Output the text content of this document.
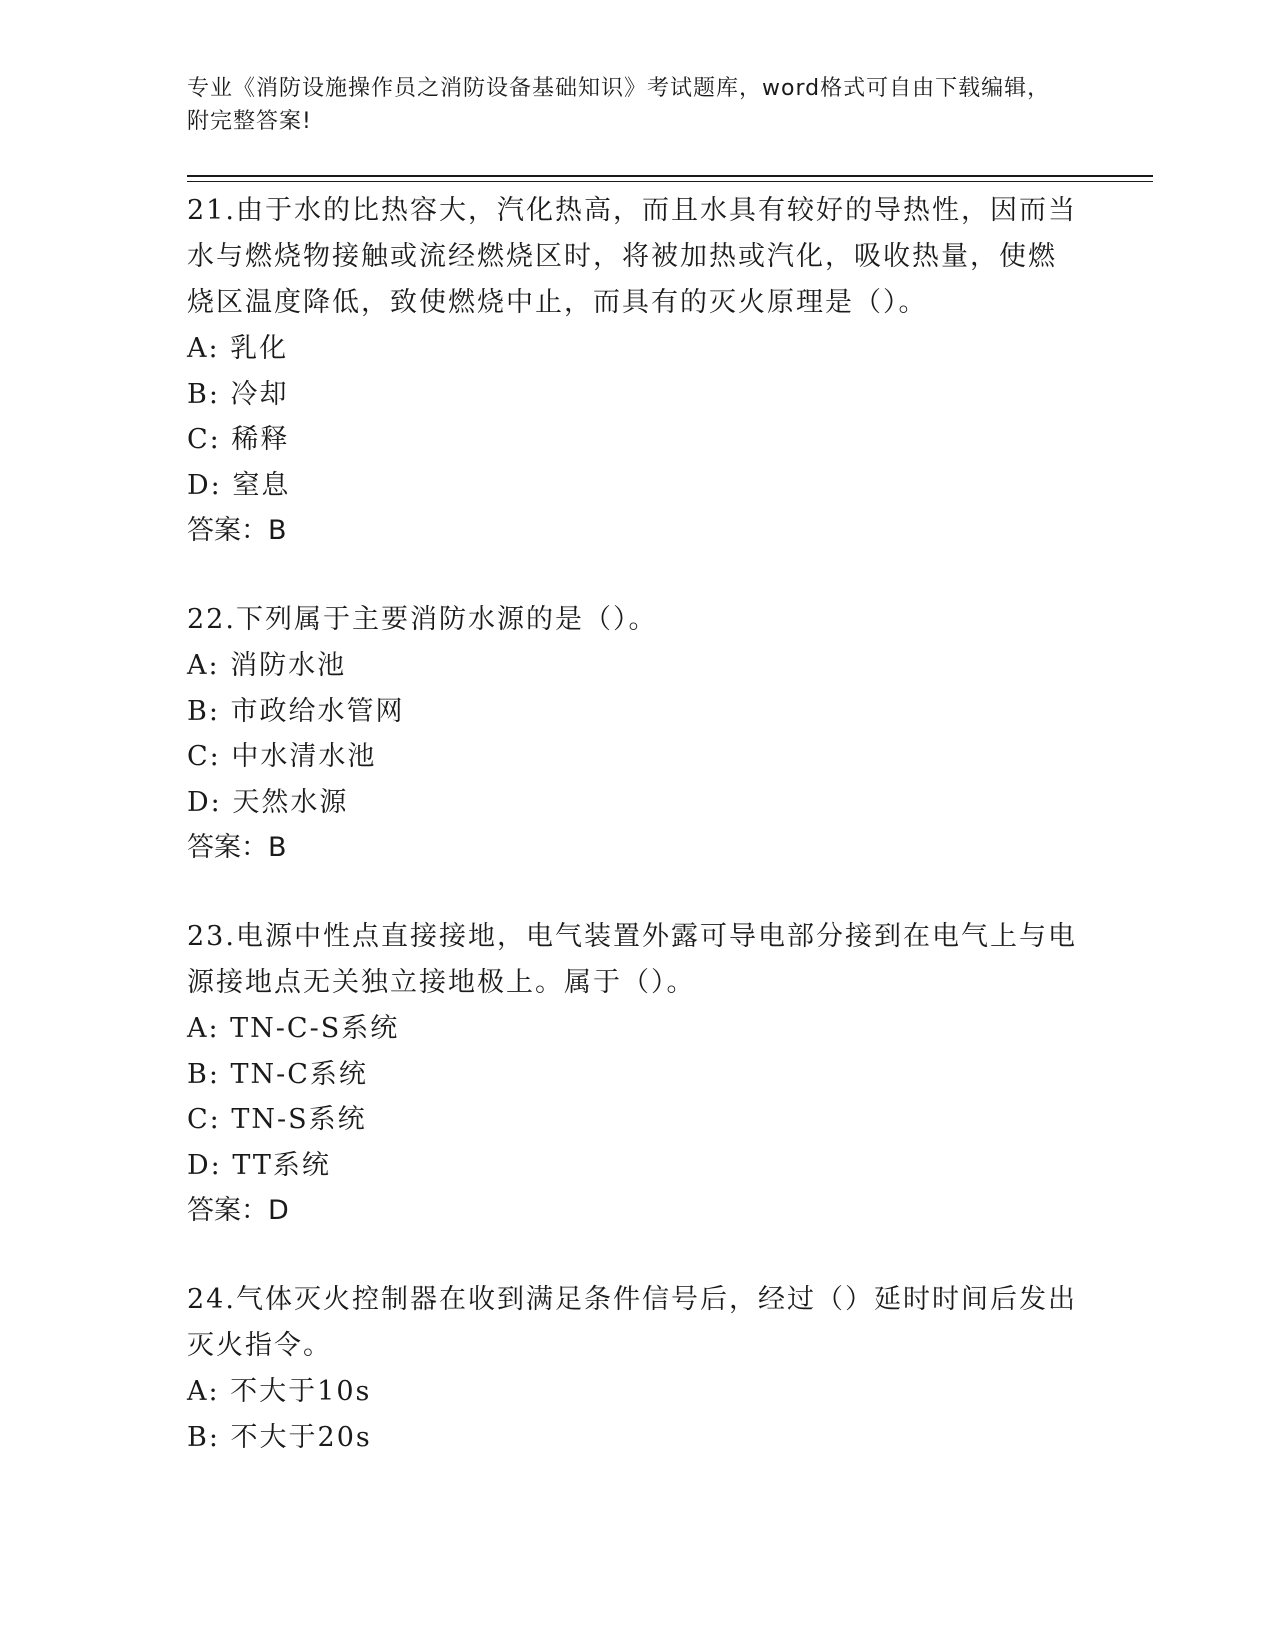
专业《消防设施操作员之消防设备基础知识》考试题库，word格式可自由下载编辑，附完整答案!

21.由于水的比热容大，汽化热高，而且水具有较好的导热性，因而当水与燃烧物接触或流经燃烧区时，将被加热或汽化，吸收热量，使燃烧区温度降低，致使燃烧中止，而具有的灭火原理是（）。

A: 乳化

B: 冷却

C: 稀释

D: 窒息

答案：B

22.下列属于主要消防水源的是（）。

A: 消防水池

B: 市政给水管网

C: 中水清水池

D: 天然水源

答案：B

23.电源中性点直接接地，电气装置外露可导电部分接到在电气上与电源接地点无关独立接地极上。属于（）。

A: TN-C-S系统

B: TN-C系统

C: TN-S系统

D: TT系统

答案：D

24.气体灭火控制器在收到满足条件信号后，经过（）延时时间后发出灭火指令。

A: 不大于10s

B: 不大于20s
